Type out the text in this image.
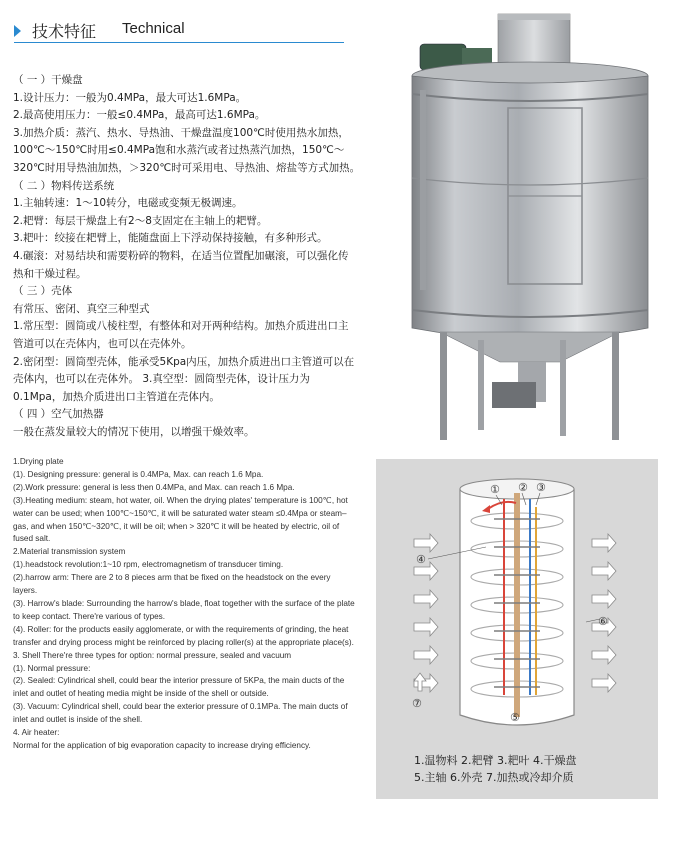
技术特征 Technical
（ 一 ）干燥盘
1.设计压力：一般为0.4MPa，最大可达1.6MPa。
2.最高使用压力：一般≤0.4MPa，最高可达1.6MPa。
3.加热介质：蒸汽、热水、导热油、干燥盘温度100℃时使用热水加热，
100℃～150℃时用≤0.4MPa饱和水蒸汽或者过热蒸汽加热，150℃～
320℃时用导热油加热，＞320℃时可采用电、导热油、熔盐等方式加热。
（ 二 ）物料传送系统
1.主轴转速：1～10转分，电磁或变频无极调速。
2.耙臂：每层干燥盘上有2～8支固定在主轴上的耙臂。
3.耙叶：绞接在耙臂上，能随盘面上下浮动保持接触，有多种形式。
4.碾滚：对易结块和需要粉碎的物料，在适当位置配加碾滚，可以强化传
热和干燥过程。
（ 三 ）壳体
有常压、密闭、真空三种型式
1.常压型：圆筒或八棱柱型，有整体和对开两种结构。加热介质进出口主
管道可以在壳体内，也可以在壳体外。
2.密闭型：圆筒型壳体，能承受5Kpa内压，加热介质进出口主管道可以在
壳体内，也可以在壳体外。 3.真空型：圆筒型壳体，设计压力为
0.1Mpa，加热介质进出口主管道在壳体内。
（ 四 ）空气加热器
一般在蒸发量较大的情况下使用，以增强干燥效率。
1.Drying plate
(1). Designing pressure: general is 0.4MPa, Max. can reach 1.6 Mpa.
(2).Work pressure: general is less then 0.4MPa, and Max. can reach 1.6 Mpa.
(3).Heating medium: steam, hot water, oil. When the drying plates' temperature is 100℃, hot water can be used; when 100℃~150℃, it will be saturated water steam ≤0.4Mpa or steam–gas, and when 150℃~320℃, it will be oil; when > 320℃ it will be heated by electric, oil of fused salt.
2.Material transmission system
(1).headstock revolution:1~10 rpm, electromagnetism of transducer timing.
(2).harrow arm: There are 2 to 8 pieces arm that be fixed on the headstock on the every layers.
(3). Harrow's blade: Surrounding the harrow's blade, float together with the surface of the plate to keep contact. There're various of types.
(4). Roller: for the products easily agglomerate, or with the requirements of grinding, the heat transfer and drying process might be reinforced by placing roller(s) at the appropriate place(s).
3. Shell There're three types for option: normal pressure, sealed and vacuum
(1). Normal pressure:
(2). Sealed: Cylindrical shell, could bear the interior pressure of 5KPa, the main ducts of the inlet and outlet of heating media might be inside of the shell or outside.
(3). Vacuum: Cylindrical shell, could bear the exterior pressure of 0.1MPa. The main ducts of inlet and outlet is inside of the shell.
4. Air heater:
Normal for the application of big evaporation capacity to increase drying efficiency.
① ② ③
④
⑤
⑥
⑦
1.温物料 2.耙臂 3.耙叶 4.干燥盘
5.主轴 6.外壳 7.加热或冷却介质
